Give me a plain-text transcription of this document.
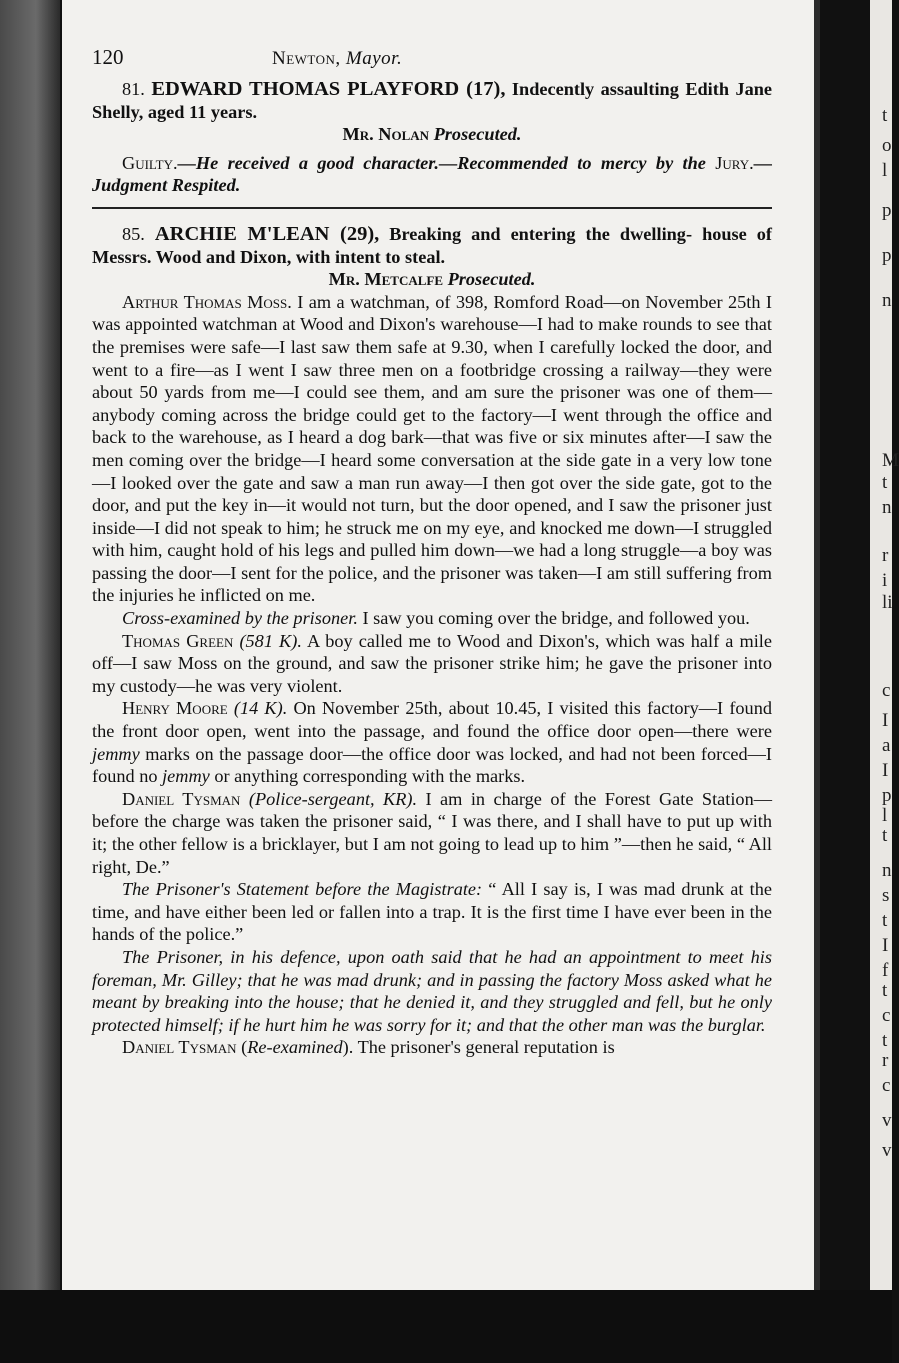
t
o
l
p
p
n
M
t
n
r
i
li
c
I
a
I
p
l
t
n
s
t
I
f
t
c
t
r
c
v
v
120	Newton, Mayor.

81. EDWARD THOMAS PLAYFORD (17), Indecently assaulting Edith Jane Shelly, aged 11 years.

Mr. Nolan Prosecuted.

Guilty.—He received a good character.—Recommended to mercy by the Jury.—Judgment Respited.

85. ARCHIE M'LEAN (29), Breaking and entering the dwelling- house of Messrs. Wood and Dixon, with intent to steal.

Mr. Metcalfe Prosecuted.

Arthur Thomas Moss. I am a watchman, of 398, Romford Road—on November 25th I was appointed watchman at Wood and Dixon's warehouse—I had to make rounds to see that the premises were safe—I last saw them safe at 9.30, when I carefully locked the door, and went to a fire—as I went I saw three men on a footbridge crossing a railway—they were about 50 yards from me—I could see them, and am sure the prisoner was one of them—anybody coming across the bridge could get to the factory—I went through the office and back to the warehouse, as I heard a dog bark—that was five or six minutes after—I saw the men coming over the bridge—I heard some conversation at the side gate in a very low tone—I looked over the gate and saw a man run away—I then got over the side gate, got to the door, and put the key in—it would not turn, but the door opened, and I saw the prisoner just inside—I did not speak to him; he struck me on my eye, and knocked me down—I struggled with him, caught hold of his legs and pulled him down—we had a long struggle—a boy was passing the door—I sent for the police, and the prisoner was taken—I am still suffering from the injuries he inflicted on me.

Cross-examined by the prisoner. I saw you coming over the bridge, and followed you.

Thomas Green (581 K). A boy called me to Wood and Dixon's, which was half a mile off—I saw Moss on the ground, and saw the prisoner strike him; he gave the prisoner into my custody—he was very violent.

Henry Moore (14 K). On November 25th, about 10.45, I visited this factory—I found the front door open, went into the passage, and found the office door open—there were jemmy marks on the passage door—the office door was locked, and had not been forced—I found no jemmy or anything corresponding with the marks.

Daniel Tysman (Police-sergeant, KR). I am in charge of the Forest Gate Station—before the charge was taken the prisoner said, “ I was there, and I shall have to put up with it; the other fellow is a bricklayer, but I am not going to lead up to him ”—then he said, “ All right, De.”

The Prisoner's Statement before the Magistrate: “ All I say is, I was mad drunk at the time, and have either been led or fallen into a trap. It is the first time I have ever been in the hands of the police.”

The Prisoner, in his defence, upon oath said that he had an appointment to meet his foreman, Mr. Gilley; that he was mad drunk; and in passing the factory Moss asked what he meant by breaking into the house; that he denied it, and they struggled and fell, but he only protected himself; if he hurt him he was sorry for it; and that the other man was the burglar.

Daniel Tysman (Re-examined). The prisoner's general reputation is
